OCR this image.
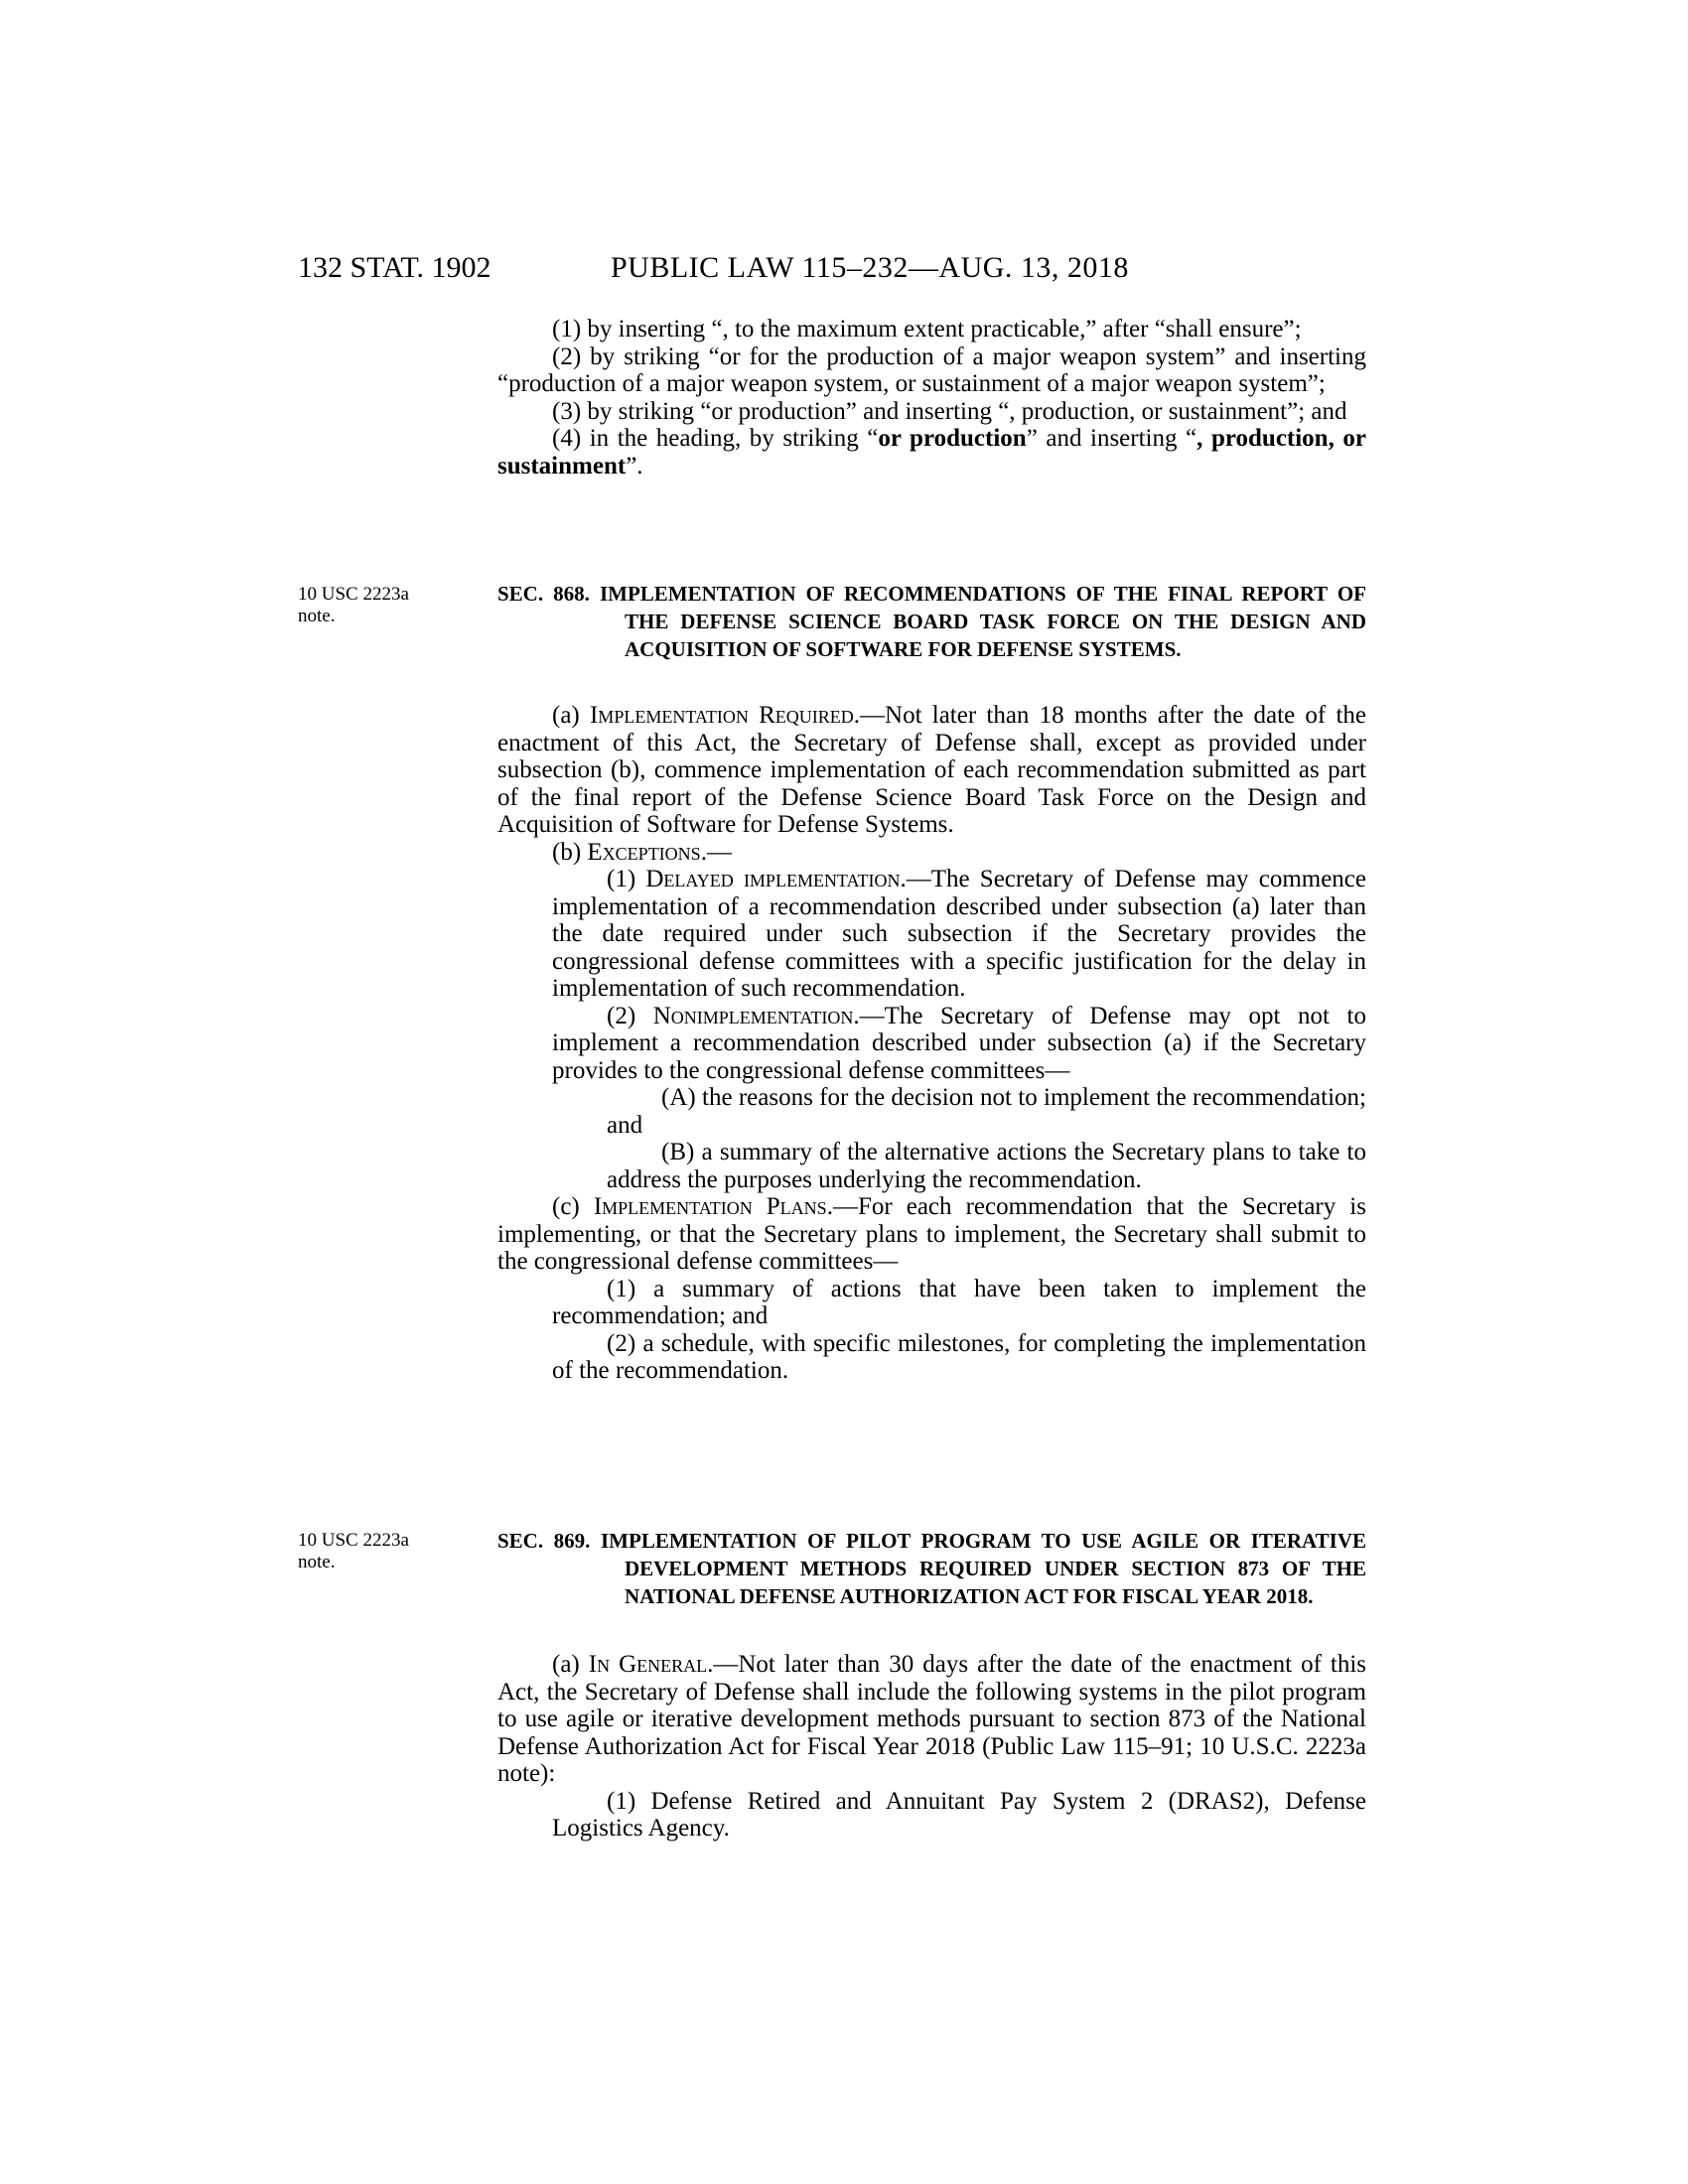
132 STAT. 1902	PUBLIC LAW 115–232—AUG. 13, 2018

(1) by inserting “, to the maximum extent practicable,” after “shall ensure”;

(2) by striking “or for the production of a major weapon system” and inserting “production of a major weapon system, or sustainment of a major weapon system”;

(3) by striking “or production” and inserting “, production, or sustainment”; and

(4) in the heading, by striking “or production” and inserting “, production, or sustainment”.

10 USC 2223a note.
SEC. 868. IMPLEMENTATION OF RECOMMENDATIONS OF THE FINAL REPORT OF THE DEFENSE SCIENCE BOARD TASK FORCE ON THE DESIGN AND ACQUISITION OF SOFTWARE FOR DEFENSE SYSTEMS.

(a) Implementation Required.—Not later than 18 months after the date of the enactment of this Act, the Secretary of Defense shall, except as provided under subsection (b), commence implementation of each recommendation submitted as part of the final report of the Defense Science Board Task Force on the Design and Acquisition of Software for Defense Systems.

(b) Exceptions.—

(1) Delayed implementation.—The Secretary of Defense may commence implementation of a recommendation described under subsection (a) later than the date required under such subsection if the Secretary provides the congressional defense committees with a specific justification for the delay in implementation of such recommendation.

(2) Nonimplementation.—The Secretary of Defense may opt not to implement a recommendation described under subsection (a) if the Secretary provides to the congressional defense committees—

(A) the reasons for the decision not to implement the recommendation; and

(B) a summary of the alternative actions the Secretary plans to take to address the purposes underlying the recommendation.

(c) Implementation Plans.—For each recommendation that the Secretary is implementing, or that the Secretary plans to implement, the Secretary shall submit to the congressional defense committees—

(1) a summary of actions that have been taken to implement the recommendation; and

(2) a schedule, with specific milestones, for completing the implementation of the recommendation.

10 USC 2223a note.
SEC. 869. IMPLEMENTATION OF PILOT PROGRAM TO USE AGILE OR ITERATIVE DEVELOPMENT METHODS REQUIRED UNDER SECTION 873 OF THE NATIONAL DEFENSE AUTHORIZATION ACT FOR FISCAL YEAR 2018.

(a) In General.—Not later than 30 days after the date of the enactment of this Act, the Secretary of Defense shall include the following systems in the pilot program to use agile or iterative development methods pursuant to section 873 of the National Defense Authorization Act for Fiscal Year 2018 (Public Law 115–91; 10 U.S.C. 2223a note):

(1) Defense Retired and Annuitant Pay System 2 (DRAS2), Defense Logistics Agency.
